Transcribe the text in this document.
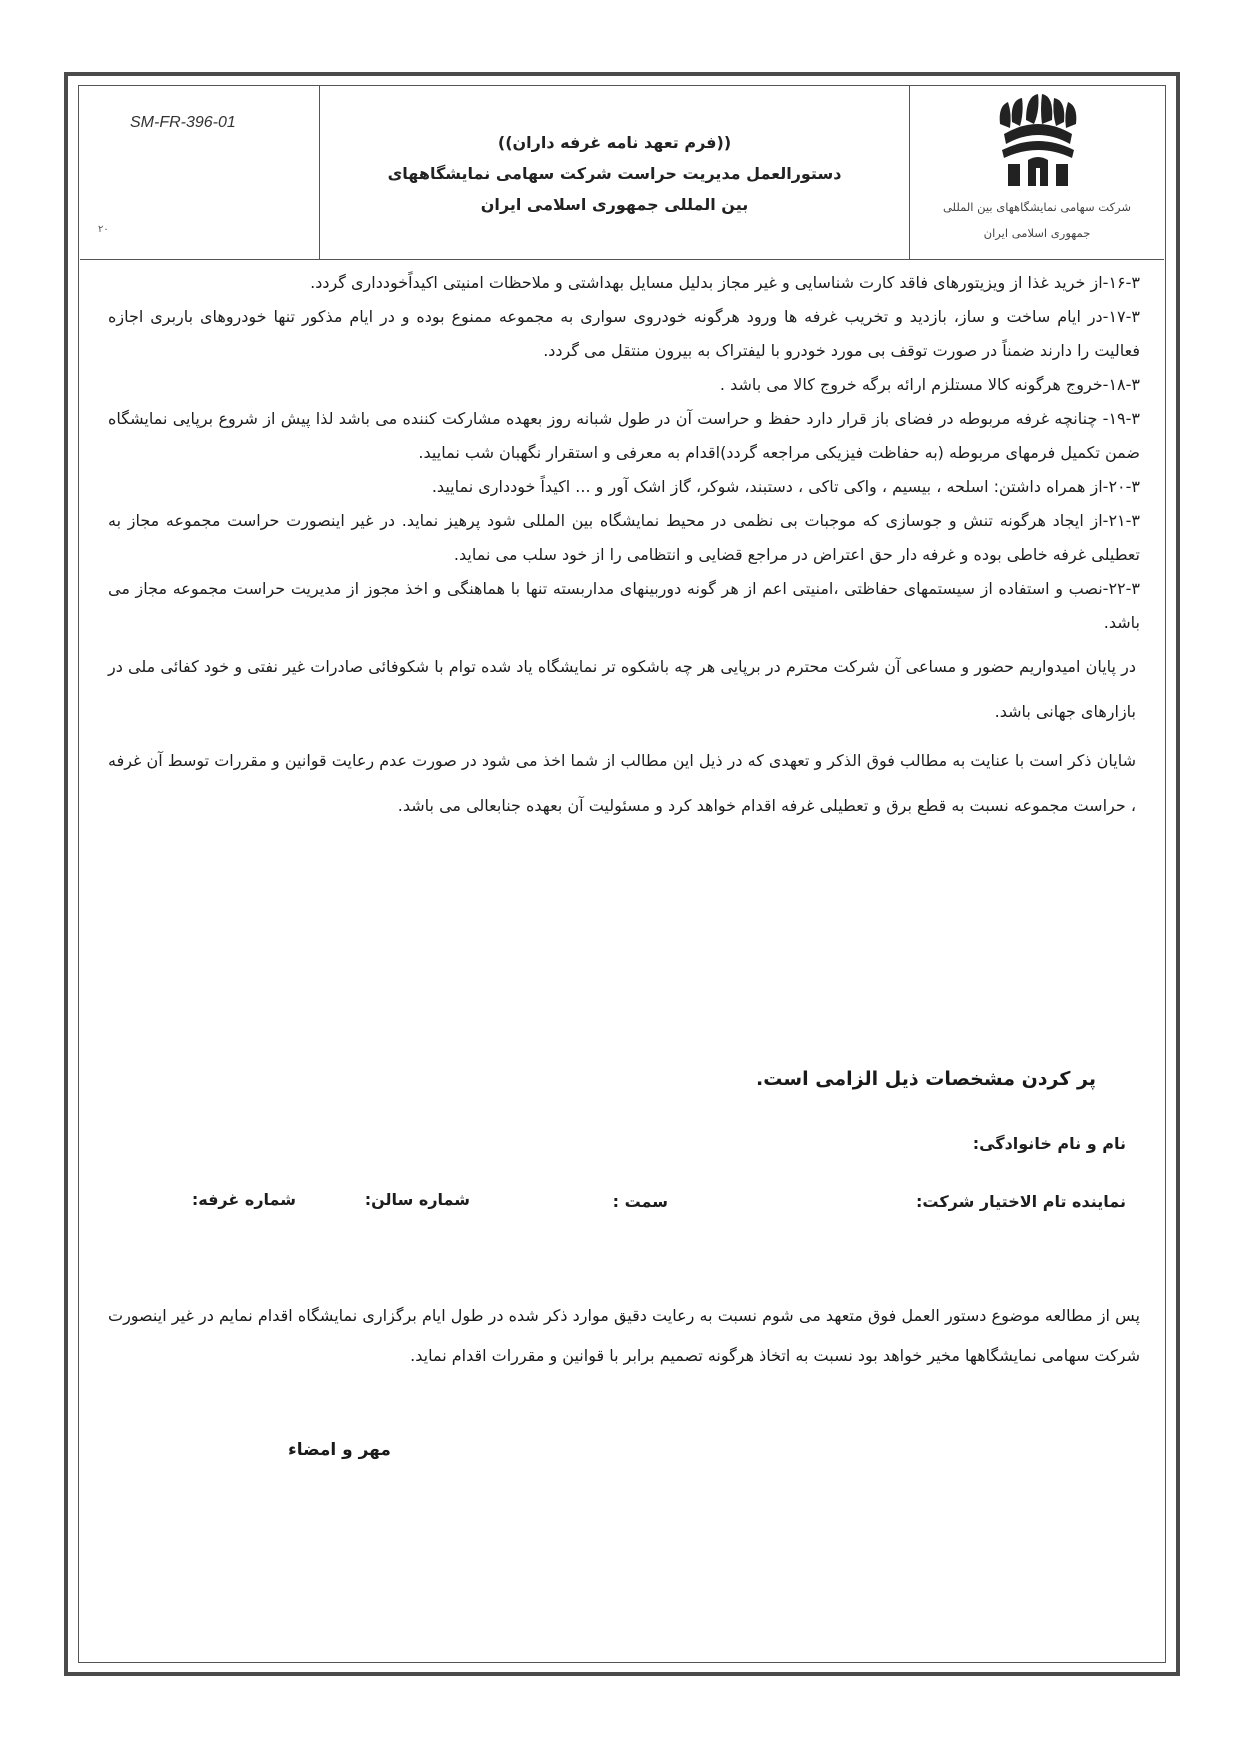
SM-FR-396-01
۲۰
((فرم تعهد نامه غرفه داران))
دستورالعمل مدیریت حراست شرکت سهامی نمایشگاههای
بین المللی جمهوری اسلامی ایران	شرکت سهامی نمایشگاههای بین المللی
جمهوری اسلامی ایران

۱۶-۳-از خرید غذا از ویزیتورهای فاقد کارت شناسایی و غیر مجاز بدلیل مسایل بهداشتی و ملاحظات امنیتی اکیداًخودداری گردد.

۱۷-۳-در ایام ساخت و ساز، بازدید و تخریب غرفه ها ورود هرگونه خودروی سواری به مجموعه ممنوع بوده و در ایام مذکور تنها خودروهای باربری اجازه فعالیت را دارند ضمناً در صورت توقف بی مورد خودرو با لیفتراک به بیرون منتقل می گردد.

۱۸-۳-خروج هرگونه کالا مستلزم ارائه برگه خروج کالا می باشد .

۱۹-۳- چنانچه غرفه مربوطه در فضای باز قرار دارد حفظ و حراست آن در طول شبانه روز بعهده مشارکت کننده می باشد لذا پیش از شروع برپایی نمایشگاه ضمن تکمیل فرمهای مربوطه (به حفاظت فیزیکی مراجعه گردد)اقدام به معرفی و استقرار نگهبان شب نمایید.

۲۰-۳-از همراه داشتن: اسلحه ، بیسیم ، واکی تاکی ، دستبند، شوکر، گاز اشک آور و ... اکیداً خودداری نمایید.

۲۱-۳-از ایجاد هرگونه تنش و جوسازی که موجبات بی نظمی در محیط نمایشگاه بین المللی شود پرهیز نماید. در غیر اینصورت حراست مجموعه مجاز به تعطیلی غرفه خاطی بوده و غرفه دار حق اعتراض در مراجع قضایی و انتظامی را از خود سلب می نماید.

۲۲-۳-نصب و استفاده از سیستمهای حفاظتی ،امنیتی اعم از هر گونه دوربینهای مداربسته تنها با هماهنگی و اخذ مجوز از مدیریت حراست مجموعه مجاز می باشد.

در پایان امیدواریم حضور و مساعی آن شرکت محترم در برپایی هر چه باشکوه تر نمایشگاه یاد شده توام با شکوفائی صادرات غیر نفتی و خود کفائی ملی در بازارهای جهانی باشد.

شایان ذکر است با عنایت به مطالب فوق الذکر و تعهدی که در ذیل این مطالب از شما اخذ می شود در صورت عدم رعایت قوانین و مقررات توسط آن غرفه ، حراست مجموعه نسبت به قطع برق و تعطیلی غرفه اقدام خواهد کرد و مسئولیت آن بعهده جنابعالی می باشد.

پر کردن مشخصات ذیل الزامی است.
نام و نام خانوادگی:
نماینده تام الاختیار شرکت:
سمت :
شماره سالن:
شماره غرفه:
پس از مطالعه موضوع دستور العمل فوق متعهد می شوم نسبت به رعایت دقیق موارد ذکر شده در طول ایام برگزاری نمایشگاه اقدام نمایم در غیر اینصورت شرکت سهامی نمایشگاهها مخیر خواهد بود نسبت به اتخاذ هرگونه تصمیم برابر با قوانین و مقررات اقدام نماید.
مهر و امضاء
